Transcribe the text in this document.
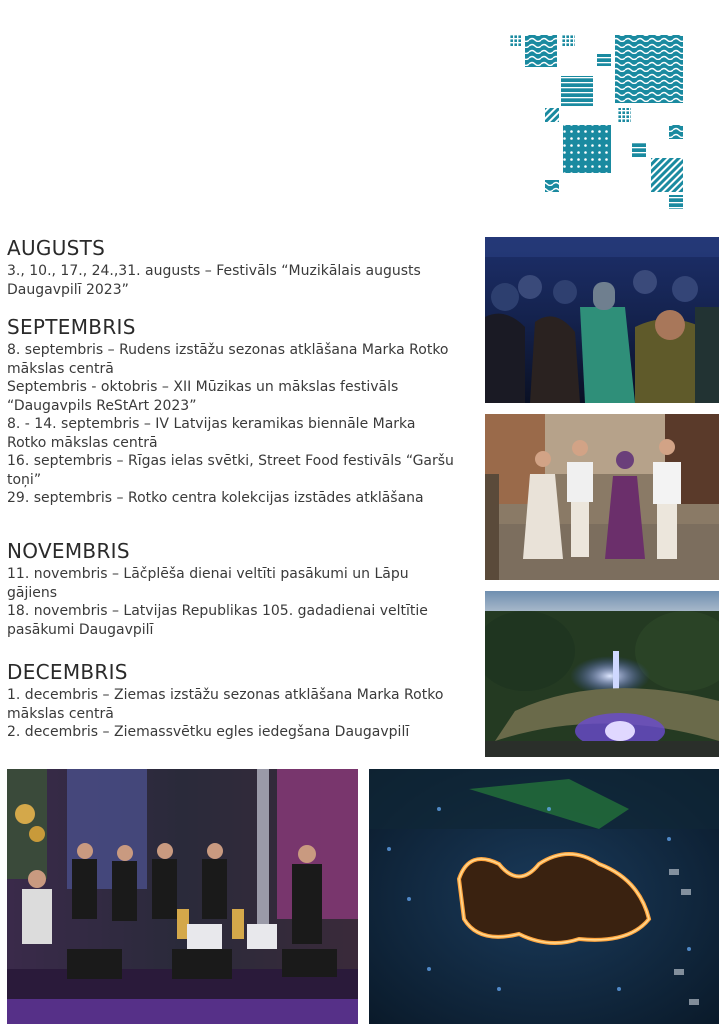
AUGUSTS

3., 10., 17., 24.,31. augusts – Festivāls “Muzikālais augusts Daugavpilī 2023”

SEPTEMBRIS

8. septembris – Rudens izstāžu sezonas atklāšana Marka Rotko mākslas centrā

Septembris - oktobris – XII Mūzikas un mākslas festivāls “Daugavpils ReStArt 2023”

8. - 14. septembris – IV Latvijas keramikas biennāle Marka Rotko mākslas centrā

16. septembris – Rīgas ielas svētki, Street Food festivāls “Garšu toņi”

29. septembris – Rotko centra kolekcijas izstādes atklāšana

NOVEMBRIS

11. novembris – Lāčplēša dienai veltīti pasākumi un Lāpu gājiens

18. novembris – Latvijas Republikas 105. gadadienai veltītie pasākumi Daugavpilī

DECEMBRIS

1. decembris – Ziemas izstāžu sezonas atklāšana Marka Rotko mākslas centrā

2. decembris – Ziemassvētku egles iedegšana Daugavpilī
